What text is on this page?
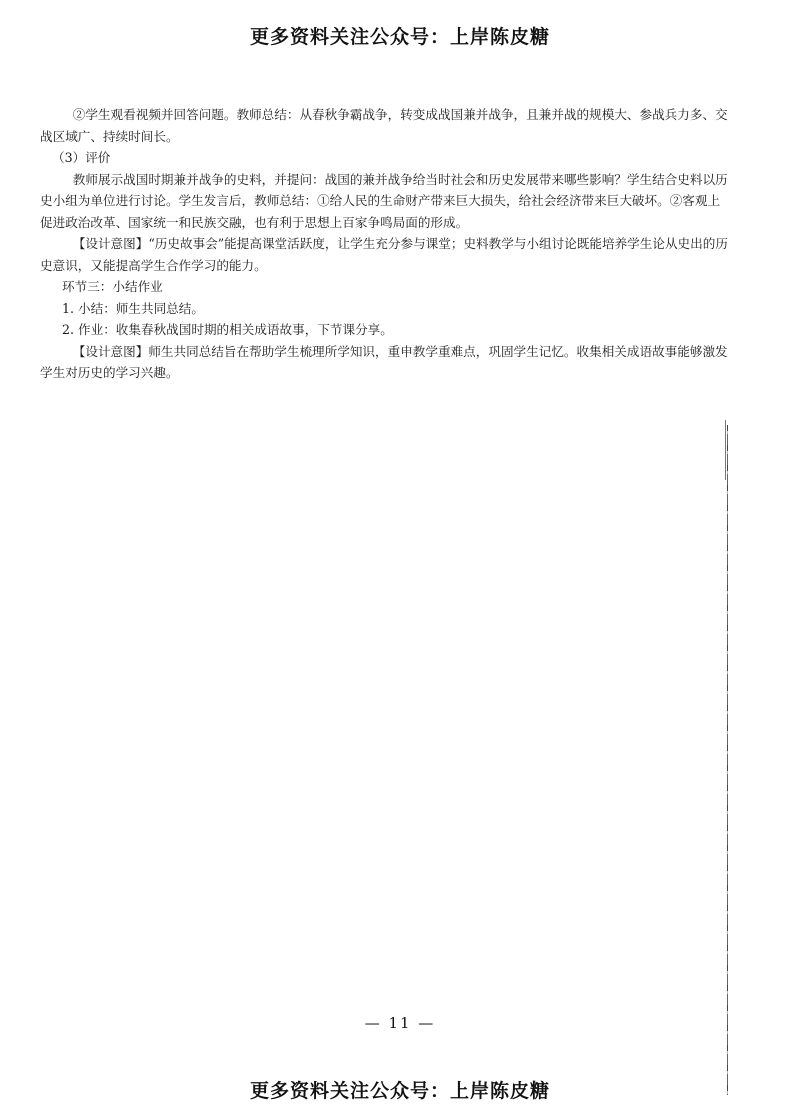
更多资料关注公众号：上岸陈皮糖

②学生观看视频并回答问题。教师总结：从春秋争霸战争，转变成战国兼并战争，且兼并战的规模大、参战兵力多、交战区域广、持续时间长。

（3）评价

教师展示战国时期兼并战争的史料，并提问：战国的兼并战争给当时社会和历史发展带来哪些影响？学生结合史料以历史小组为单位进行讨论。学生发言后，教师总结：①给人民的生命财产带来巨大损失，给社会经济带来巨大破坏。②客观上促进政治改革、国家统一和民族交融，也有利于思想上百家争鸣局面的形成。

【设计意图】“历史故事会”能提高课堂活跃度，让学生充分参与课堂；史料教学与小组讨论既能培养学生论从史出的历史意识，又能提高学生合作学习的能力。

环节三：小结作业

1. 小结：师生共同总结。

2. 作业：收集春秋战国时期的相关成语故事，下节课分享。

【设计意图】师生共同总结旨在帮助学生梳理所学知识，重申教学重难点，巩固学生记忆。收集相关成语故事能够激发学生对历史的学习兴趣。

— 11 —
更多资料关注公众号：上岸陈皮糖
